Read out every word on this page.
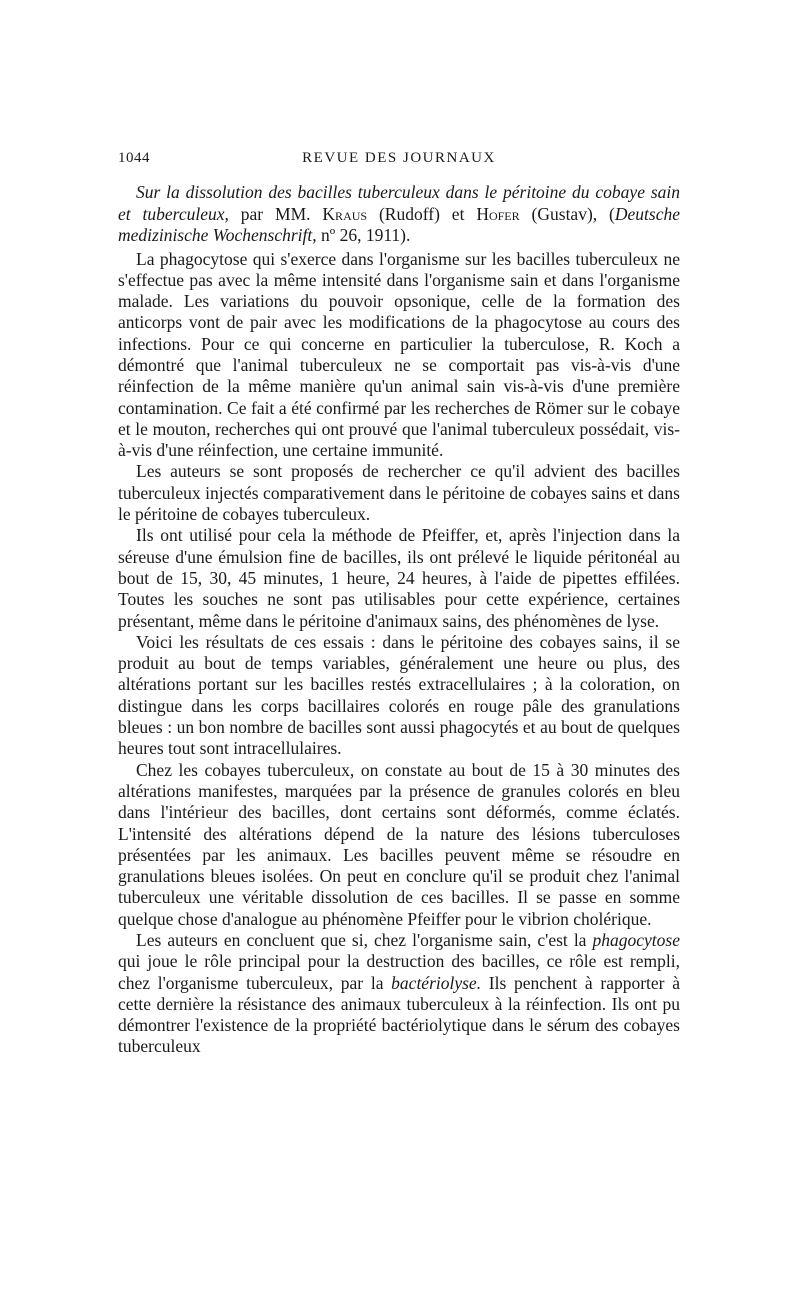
1044	REVUE DES JOURNAUX
Sur la dissolution des bacilles tuberculeux dans le péritoine du cobaye sain et tuberculeux, par MM. Kraus (Rudoff) et Hofer (Gustav), (Deutsche medizinische Wochenschrift, nº 26, 1911).

La phagocytose qui s'exerce dans l'organisme sur les bacilles tuberculeux ne s'effectue pas avec la même intensité dans l'organisme sain et dans l'organisme malade. Les variations du pouvoir opsonique, celle de la formation des anticorps vont de pair avec les modifications de la phagocytose au cours des infections. Pour ce qui concerne en particulier la tuberculose, R. Koch a démontré que l'animal tuberculeux ne se comportait pas vis-à-vis d'une réinfection de la même manière qu'un animal sain vis-à-vis d'une première contamination. Ce fait a été confirmé par les recherches de Römer sur le cobaye et le mouton, recherches qui ont prouvé que l'animal tuberculeux possédait, vis-à-vis d'une réinfection, une certaine immunité.

Les auteurs se sont proposés de rechercher ce qu'il advient des bacilles tuberculeux injectés comparativement dans le péritoine de cobayes sains et dans le péritoine de cobayes tuberculeux.

Ils ont utilisé pour cela la méthode de Pfeiffer, et, après l'injection dans la séreuse d'une émulsion fine de bacilles, ils ont prélevé le liquide péritonéal au bout de 15, 30, 45 minutes, 1 heure, 24 heures, à l'aide de pipettes effilées. Toutes les souches ne sont pas utilisables pour cette expérience, certaines présentant, même dans le péritoine d'animaux sains, des phénomènes de lyse.

Voici les résultats de ces essais : dans le péritoine des cobayes sains, il se produit au bout de temps variables, généralement une heure ou plus, des altérations portant sur les bacilles restés extracellulaires ; à la coloration, on distingue dans les corps bacillaires colorés en rouge pâle des granulations bleues : un bon nombre de bacilles sont aussi phagocytés et au bout de quelques heures tout sont intracellulaires.

Chez les cobayes tuberculeux, on constate au bout de 15 à 30 minutes des altérations manifestes, marquées par la présence de granules colorés en bleu dans l'intérieur des bacilles, dont certains sont déformés, comme éclatés. L'intensité des altérations dépend de la nature des lésions tuberculoses présentées par les animaux. Les bacilles peuvent même se résoudre en granulations bleues isolées. On peut en conclure qu'il se produit chez l'animal tuberculeux une véritable dissolution de ces bacilles. Il se passe en somme quelque chose d'analogue au phénomène Pfeiffer pour le vibrion cholérique.

Les auteurs en concluent que si, chez l'organisme sain, c'est la phagocytose qui joue le rôle principal pour la destruction des bacilles, ce rôle est rempli, chez l'organisme tuberculeux, par la bactériolyse. Ils penchent à rapporter à cette dernière la résistance des animaux tuberculeux à la réinfection. Ils ont pu démontrer l'existence de la propriété bactériolytique dans le sérum des cobayes tuberculeux
